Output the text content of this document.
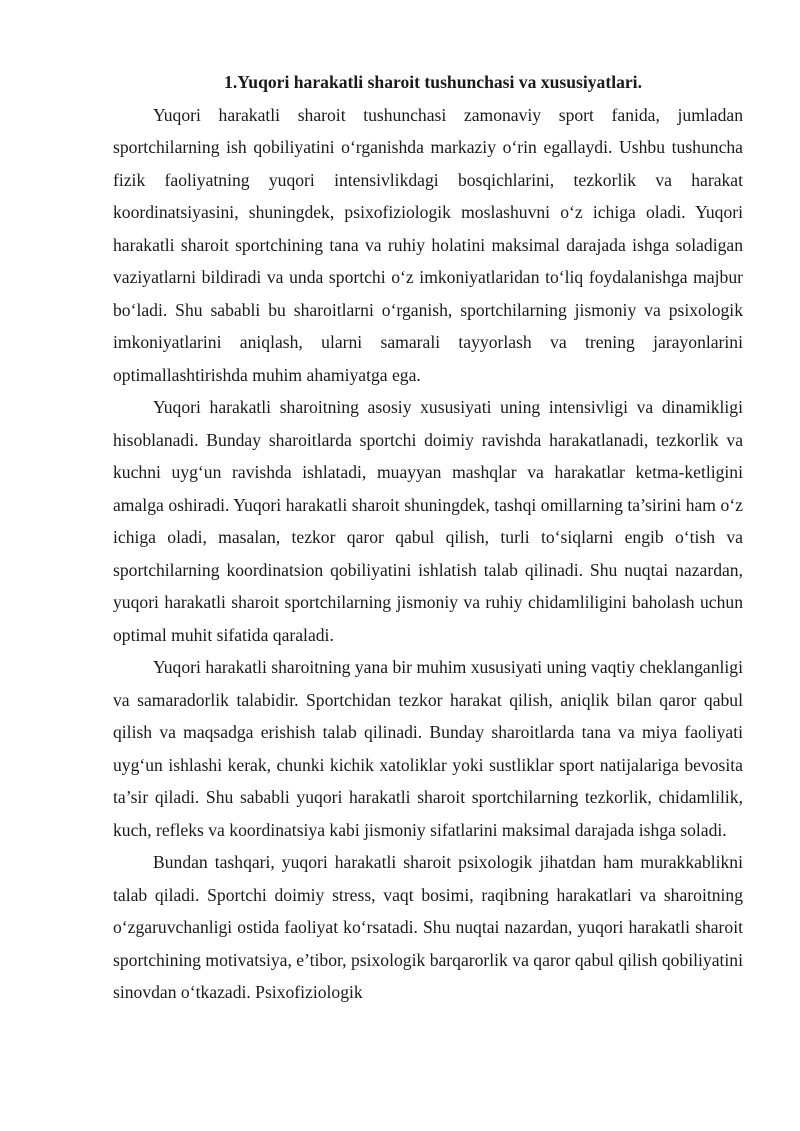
1.Yuqori harakatli sharoit tushunchasi va xususiyatlari.

Yuqori harakatli sharoit tushunchasi zamonaviy sport fanida, jumladan sportchilarning ish qobiliyatini o‘rganishda markaziy o‘rin egallaydi. Ushbu tushuncha fizik faoliyatning yuqori intensivlikdagi bosqichlarini, tezkorlik va harakat koordinatsiyasini, shuningdek, psixofiziologik moslashuvni o‘z ichiga oladi. Yuqori harakatli sharoit sportchining tana va ruhiy holatini maksimal darajada ishga soladigan vaziyatlarni bildiradi va unda sportchi o‘z imkoniyatlaridan to‘liq foydalanishga majbur bo‘ladi. Shu sababli bu sharoitlarni o‘rganish, sportchilarning jismoniy va psixologik imkoniyatlarini aniqlash, ularni samarali tayyorlash va trening jarayonlarini optimallashtirishda muhim ahamiyatga ega.

Yuqori harakatli sharoitning asosiy xususiyati uning intensivligi va dinamikligi hisoblanadi. Bunday sharoitlarda sportchi doimiy ravishda harakatlanadi, tezkorlik va kuchni uyg‘un ravishda ishlatadi, muayyan mashqlar va harakatlar ketma-ketligini amalga oshiradi. Yuqori harakatli sharoit shuningdek, tashqi omillarning ta’sirini ham o‘z ichiga oladi, masalan, tezkor qaror qabul qilish, turli to‘siqlarni engib o‘tish va sportchilarning koordinatsion qobiliyatini ishlatish talab qilinadi. Shu nuqtai nazardan, yuqori harakatli sharoit sportchilarning jismoniy va ruhiy chidamliligini baholash uchun optimal muhit sifatida qaraladi.

Yuqori harakatli sharoitning yana bir muhim xususiyati uning vaqtiy cheklanganligi va samaradorlik talabidir. Sportchidan tezkor harakat qilish, aniqlik bilan qaror qabul qilish va maqsadga erishish talab qilinadi. Bunday sharoitlarda tana va miya faoliyati uyg‘un ishlashi kerak, chunki kichik xatoliklar yoki sustliklar sport natijalariga bevosita ta’sir qiladi. Shu sababli yuqori harakatli sharoit sportchilarning tezkorlik, chidamlilik, kuch, refleks va koordinatsiya kabi jismoniy sifatlarini maksimal darajada ishga soladi.

Bundan tashqari, yuqori harakatli sharoit psixologik jihatdan ham murakkablikni talab qiladi. Sportchi doimiy stress, vaqt bosimi, raqibning harakatlari va sharoitning o‘zgaruvchanligi ostida faoliyat ko‘rsatadi. Shu nuqtai nazardan, yuqori harakatli sharoit sportchining motivatsiya, e’tibor, psixologik barqarorlik va qaror qabul qilish qobiliyatini sinovdan o‘tkazadi. Psixofiziologik
